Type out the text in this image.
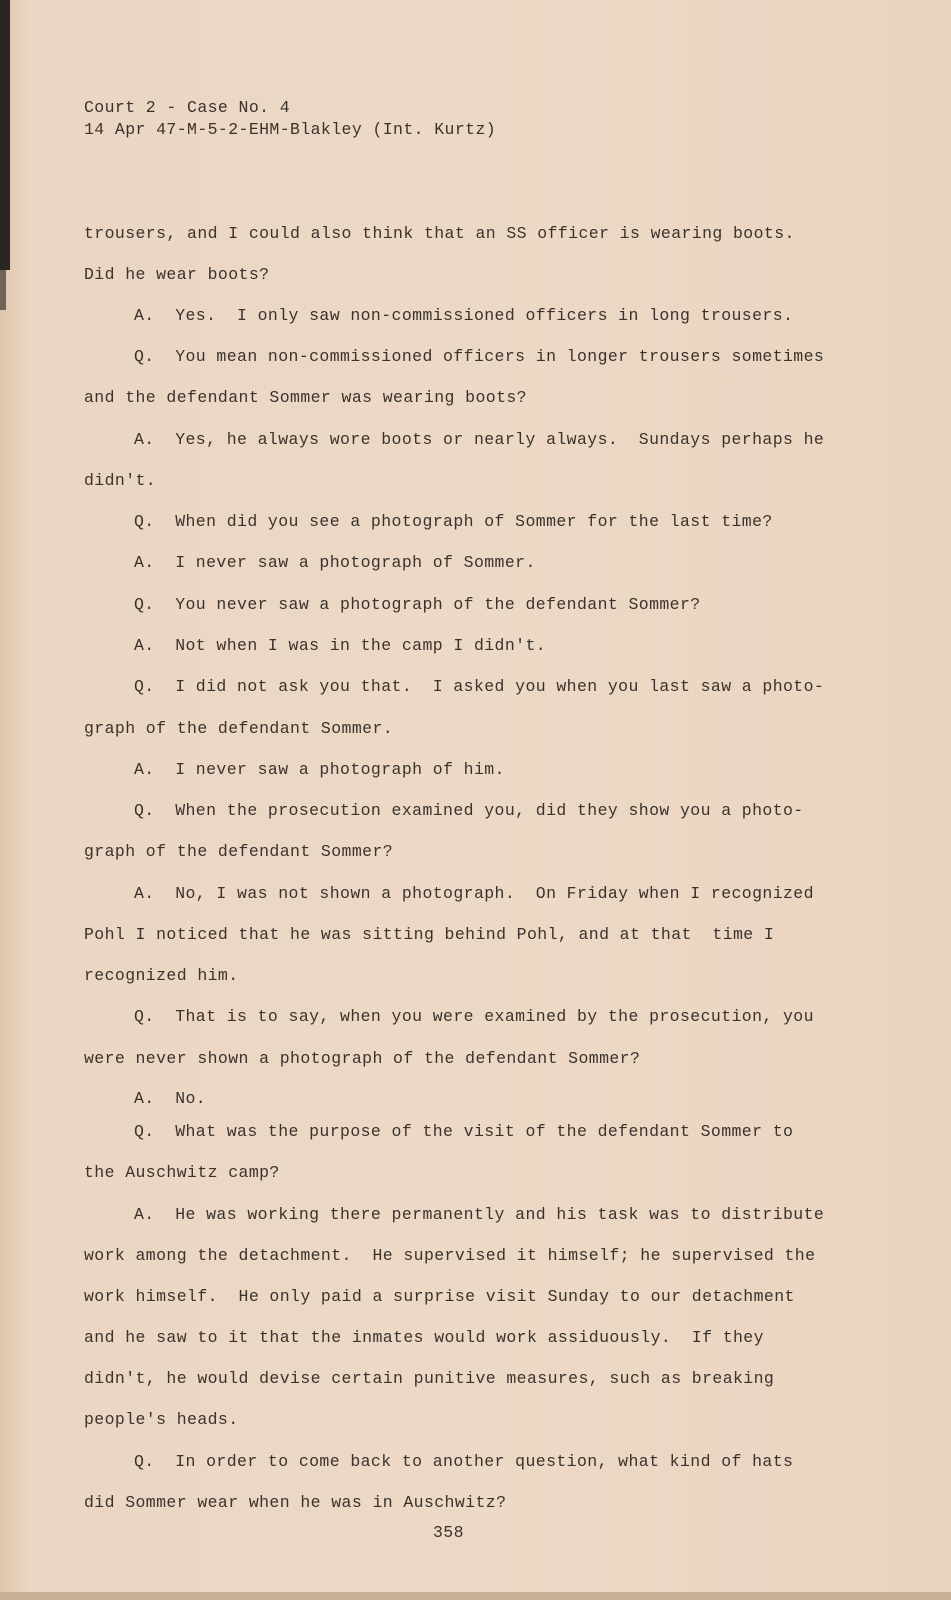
Court 2 - Case No. 4
14 Apr 47-M-5-2-EHM-Blakley (Int. Kurtz)
trousers, and I could also think that an SS officer is wearing boots.
Did he wear boots?
A.  Yes.  I only saw non-commissioned officers in long trousers.
Q.  You mean non-commissioned officers in longer trousers sometimes
and the defendant Sommer was wearing boots?
A.  Yes, he always wore boots or nearly always.  Sundays perhaps he
didn't.
Q.  When did you see a photograph of Sommer for the last time?
A.  I never saw a photograph of Sommer.
Q.  You never saw a photograph of the defendant Sommer?
A.  Not when I was in the camp I didn't.
Q.  I did not ask you that.  I asked you when you last saw a photo-
graph of the defendant Sommer.
A.  I never saw a photograph of him.
Q.  When the prosecution examined you, did they show you a photo-
graph of the defendant Sommer?
A.  No, I was not shown a photograph.  On Friday when I recognized
Pohl I noticed that he was sitting behind Pohl, and at that  time I
recognized him.
Q.  That is to say, when you were examined by the prosecution, you
were never shown a photograph of the defendant Sommer?
A.  No.
Q.  What was the purpose of the visit of the defendant Sommer to
the Auschwitz camp?
A.  He was working there permanently and his task was to distribute
work among the detachment.  He supervised it himself; he supervised the
work himself.  He only paid a surprise visit Sunday to our detachment
and he saw to it that the inmates would work assiduously.  If they
didn't, he would devise certain punitive measures, such as breaking
people's heads.
Q.  In order to come back to another question, what kind of hats
did Sommer wear when he was in Auschwitz?
358
